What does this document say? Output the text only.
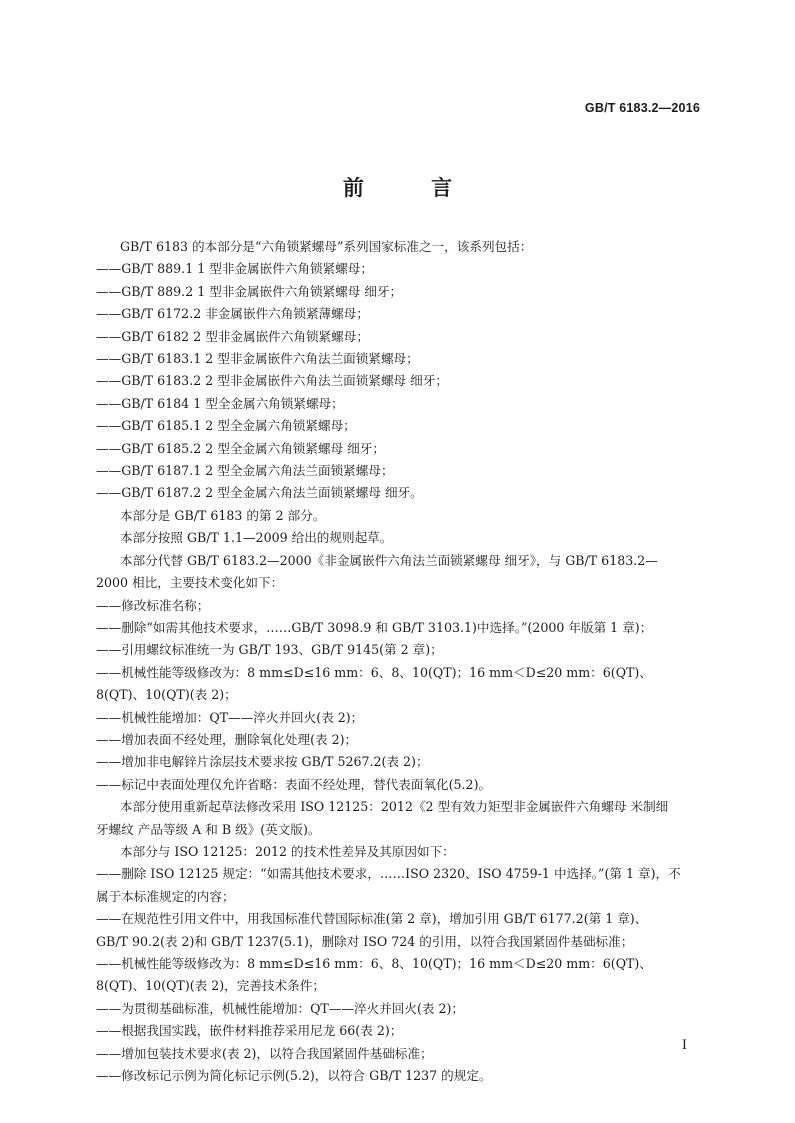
GB/T 6183.2—2016
前 言

GB/T 6183 的本部分是“六角锁紧螺母”系列国家标准之一，该系列包括：

——GB/T 889.1 1 型非金属嵌件六角锁紧螺母；

——GB/T 889.2 1 型非金属嵌件六角锁紧螺母 细牙；

——GB/T 6172.2 非金属嵌件六角锁紧薄螺母；

——GB/T 6182 2 型非金属嵌件六角锁紧螺母；

——GB/T 6183.1 2 型非金属嵌件六角法兰面锁紧螺母；

——GB/T 6183.2 2 型非金属嵌件六角法兰面锁紧螺母 细牙；

——GB/T 6184 1 型全金属六角锁紧螺母；

——GB/T 6185.1 2 型全金属六角锁紧螺母；

——GB/T 6185.2 2 型全金属六角锁紧螺母 细牙；

——GB/T 6187.1 2 型全金属六角法兰面锁紧螺母；

——GB/T 6187.2 2 型全金属六角法兰面锁紧螺母 细牙。

本部分是 GB/T 6183 的第 2 部分。

本部分按照 GB/T 1.1—2009 给出的规则起草。

本部分代替 GB/T 6183.2—2000《非金属嵌件六角法兰面锁紧螺母 细牙》，与 GB/T 6183.2—

2000 相比，主要技术变化如下：

——修改标准名称；

——删除“如需其他技术要求，……GB/T 3098.9 和 GB/T 3103.1)中选择。”(2000 年版第 1 章)；

——引用螺纹标准统一为 GB/T 193、GB/T 9145(第 2 章)；

——机械性能等级修改为：8 mm≤D≤16 mm：6、8、10(QT)；16 mm＜D≤20 mm：6(QT)、

8(QT)、10(QT)(表 2)；

——机械性能增加：QT——淬火并回火(表 2)；

——增加表面不经处理，删除氧化处理(表 2)；

——增加非电解锌片涂层技术要求按 GB/T 5267.2(表 2)；

——标记中表面处理仅允许省略：表面不经处理，替代表面氧化(5.2)。

本部分使用重新起草法修改采用 ISO 12125：2012《2 型有效力矩型非金属嵌件六角螺母 米制细

牙螺纹 产品等级 A 和 B 级》(英文版)。

本部分与 ISO 12125：2012 的技术性差异及其原因如下：

——删除 ISO 12125 规定：“如需其他技术要求，……ISO 2320、ISO 4759-1 中选择。”(第 1 章)，不

属于本标准规定的内容；

——在规范性引用文件中，用我国标准代替国际标准(第 2 章)，增加引用 GB/T 6177.2(第 1 章)、

GB/T 90.2(表 2)和 GB/T 1237(5.1)，删除对 ISO 724 的引用，以符合我国紧固件基础标准；

——机械性能等级修改为：8 mm≤D≤16 mm：6、8、10(QT)；16 mm＜D≤20 mm：6(QT)、

8(QT)、10(QT)(表 2)，完善技术条件；

——为贯彻基础标准，机械性能增加：QT——淬火并回火(表 2)；

——根据我国实践，嵌件材料推荐采用尼龙 66(表 2)；

——增加包装技术要求(表 2)，以符合我国紧固件基础标准；

——修改标记示例为简化标记示例(5.2)，以符合 GB/T 1237 的规定。

I
